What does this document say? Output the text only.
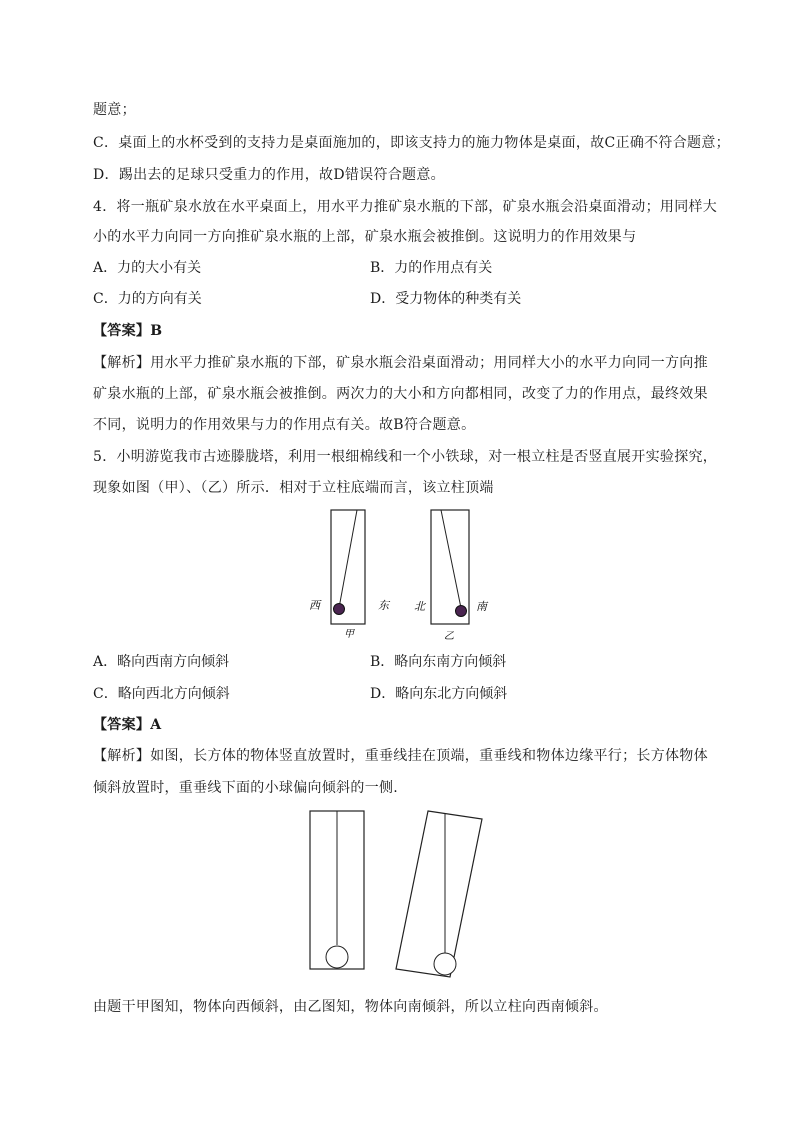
题意；
C．桌面上的水杯受到的支持力是桌面施加的，即该支持力的施力物体是桌面，故C正确不符合题意；
D．踢出去的足球只受重力的作用，故D错误符合题意。
4．将一瓶矿泉水放在水平桌面上，用水平力推矿泉水瓶的下部，矿泉水瓶会沿桌面滑动；用同样大
小的水平力向同一方向推矿泉水瓶的上部，矿泉水瓶会被推倒。这说明力的作用效果与
A．力的大小有关	B．力的作用点有关
C．力的方向有关	D．受力物体的种类有关
【答案】B
【解析】用水平力推矿泉水瓶的下部，矿泉水瓶会沿桌面滑动；用同样大小的水平力向同一方向推
矿泉水瓶的上部，矿泉水瓶会被推倒。两次力的大小和方向都相同，改变了力的作用点，最终效果
不同，说明力的作用效果与力的作用点有关。故B符合题意。
5．小明游览我市古迹滕胧塔，利用一根细棉线和一个小铁球，对一根立柱是否竖直展开实验探究，
现象如图（甲）、（乙）所示．相对于立柱底端而言，该立柱顶端
西	东
甲
北	南
乙
A．略向西南方向倾斜	B．略向东南方向倾斜
C．略向西北方向倾斜	D．略向东北方向倾斜
【答案】A
【解析】如图，长方体的物体竖直放置时，重垂线挂在顶端，重垂线和物体边缘平行；长方体物体
倾斜放置时，重垂线下面的小球偏向倾斜的一侧.
由题干甲图知，物体向西倾斜，由乙图知，物体向南倾斜，所以立柱向西南倾斜。
